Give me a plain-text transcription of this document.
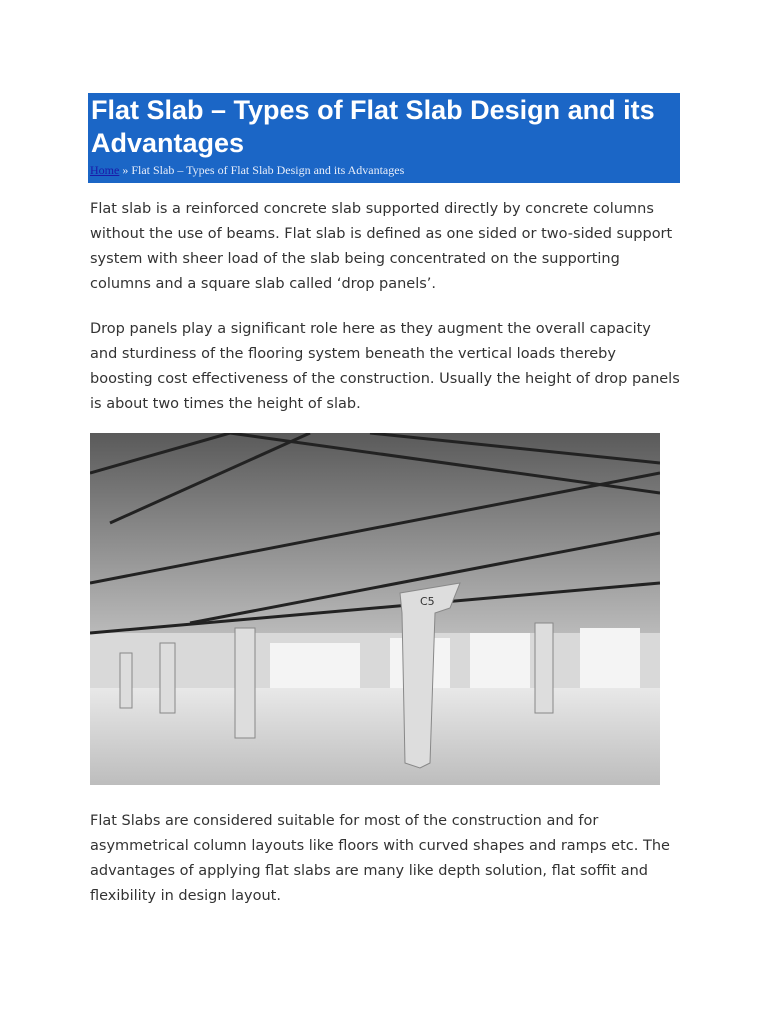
Flat Slab – Types of Flat Slab Design and its Advantages
Home » Flat Slab – Types of Flat Slab Design and its Advantages

Flat slab is a reinforced concrete slab supported directly by concrete columns without the use of beams. Flat slab is defined as one sided or two-sided support system with sheer load of the slab being concentrated on the supporting columns and a square slab called ‘drop panels’.

Drop panels play a significant role here as they augment the overall capacity and sturdiness of the flooring system beneath the vertical loads thereby boosting cost effectiveness of the construction. Usually the height of drop panels is about two times the height of slab.

C5

Flat Slabs are considered suitable for most of the construction and for asymmetrical column layouts like floors with curved shapes and ramps etc. The advantages of applying flat slabs are many like depth solution, flat soffit and flexibility in design layout.
